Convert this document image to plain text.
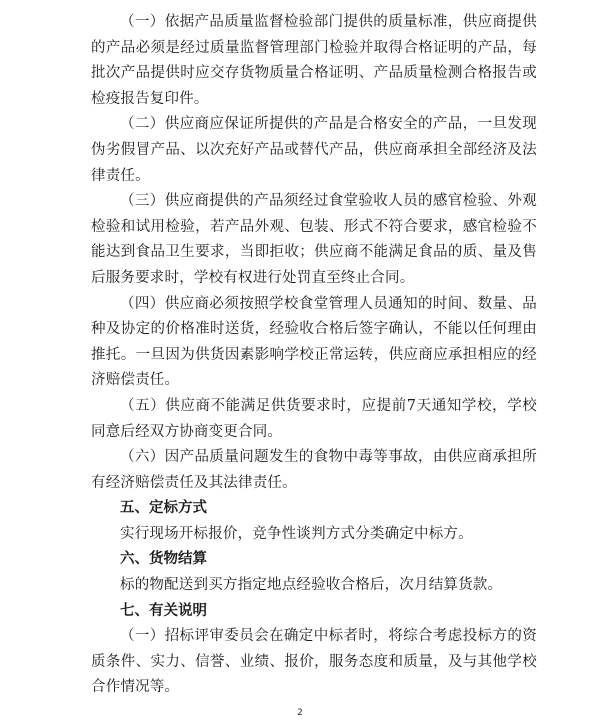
（一）依据产品质量监督检验部门提供的质量标准，供应商提供的产品必须是经过质量监督管理部门检验并取得合格证明的产品，每批次产品提供时应交存货物质量合格证明、产品质量检测合格报告或检疫报告复印件。

（二）供应商应保证所提供的产品是合格安全的产品，一旦发现伪劣假冒产品、以次充好产品或替代产品，供应商承担全部经济及法律责任。

（三）供应商提供的产品须经过食堂验收人员的感官检验、外观检验和试用检验，若产品外观、包装、形式不符合要求，感官检验不能达到食品卫生要求，当即拒收；供应商不能满足食品的质、量及售后服务要求时，学校有权进行处罚直至终止合同。

（四）供应商必须按照学校食堂管理人员通知的时间、数量、品种及协定的价格准时送货，经验收合格后签字确认，不能以任何理由推托。一旦因为供货因素影响学校正常运转，供应商应承担相应的经济赔偿责任。

（五）供应商不能满足供货要求时，应提前7天通知学校，学校同意后经双方协商变更合同。

（六）因产品质量问题发生的食物中毒等事故，由供应商承担所有经济赔偿责任及其法律责任。

五、定标方式

实行现场开标报价，竞争性谈判方式分类确定中标方。

六、货物结算

标的物配送到买方指定地点经验收合格后，次月结算货款。

七、有关说明

（一）招标评审委员会在确定中标者时，将综合考虑投标方的资质条件、实力、信誉、业绩、报价，服务态度和质量，及与其他学校合作情况等。

2
